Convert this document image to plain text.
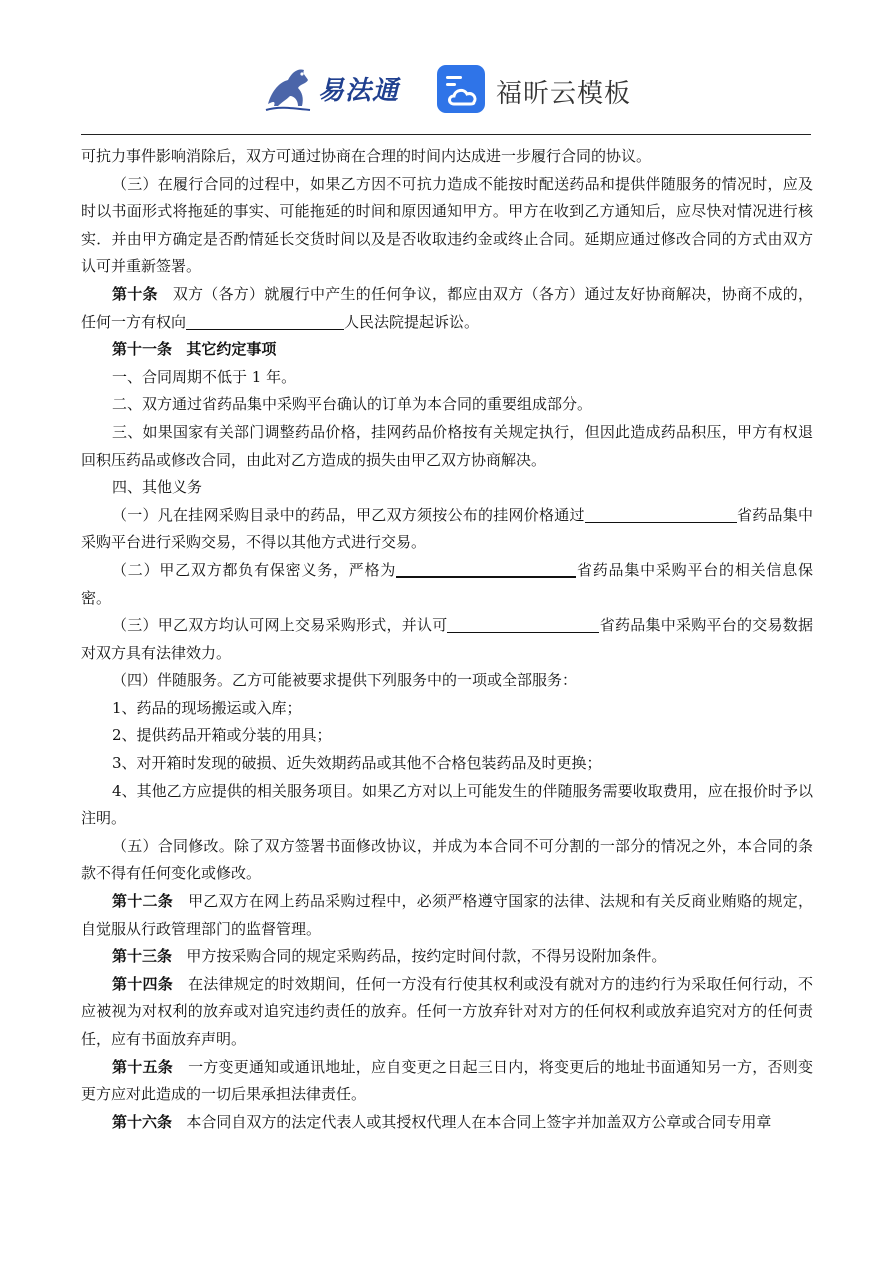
易法通	福昕云模板

可抗力事件影响消除后，双方可通过协商在合理的时间内达成进一步履行合同的协议。

（三）在履行合同的过程中，如果乙方因不可抗力造成不能按时配送药品和提供伴随服务的情况时，应及时以书面形式将拖延的事实、可能拖延的时间和原因通知甲方。甲方在收到乙方通知后，应尽快对情况进行核实．并由甲方确定是否酌情延长交货时间以及是否收取违约金或终止合同。延期应通过修改合同的方式由双方认可并重新签署。

第十条 双方（各方）就履行中产生的任何争议，都应由双方（各方）通过友好协商解决，协商不成的，任何一方有权向	人民法院提起诉讼。

第十一条 其它约定事项

一、合同周期不低于 1 年。

二、双方通过省药品集中采购平台确认的订单为本合同的重要组成部分。

三、如果国家有关部门调整药品价格，挂网药品价格按有关规定执行，但因此造成药品积压，甲方有权退回积压药品或修改合同，由此对乙方造成的损失由甲乙双方协商解决。

四、其他义务

（一）凡在挂网采购目录中的药品，甲乙双方须按公布的挂网价格通过	省药品集中采购平台进行采购交易，不得以其他方式进行交易。

（二）甲乙双方都负有保密义务，严格为	省药品集中采购平台的相关信息保密。

（三）甲乙双方均认可网上交易采购形式，并认可	省药品集中采购平台的交易数据对双方具有法律效力。

（四）伴随服务。乙方可能被要求提供下列服务中的一项或全部服务：

1、药品的现场搬运或入库；

2、提供药品开箱或分装的用具；

3、对开箱时发现的破损、近失效期药品或其他不合格包装药品及时更换；

4、其他乙方应提供的相关服务项目。如果乙方对以上可能发生的伴随服务需要收取费用，应在报价时予以注明。

（五）合同修改。除了双方签署书面修改协议，并成为本合同不可分割的一部分的情况之外，本合同的条款不得有任何变化或修改。

第十二条 甲乙双方在网上药品采购过程中，必须严格遵守国家的法律、法规和有关反商业贿赂的规定，自觉服从行政管理部门的监督管理。

第十三条 甲方按采购合同的规定采购药品，按约定时间付款，不得另设附加条件。

第十四条 在法律规定的时效期间，任何一方没有行使其权利或没有就对方的违约行为采取任何行动，不应被视为对权利的放弃或对追究违约责任的放弃。任何一方放弃针对对方的任何权利或放弃追究对方的任何责任，应有书面放弃声明。

第十五条 一方变更通知或通讯地址，应自变更之日起三日内，将变更后的地址书面通知另一方，否则变更方应对此造成的一切后果承担法律责任。

第十六条 本合同自双方的法定代表人或其授权代理人在本合同上签字并加盖双方公章或合同专用章
